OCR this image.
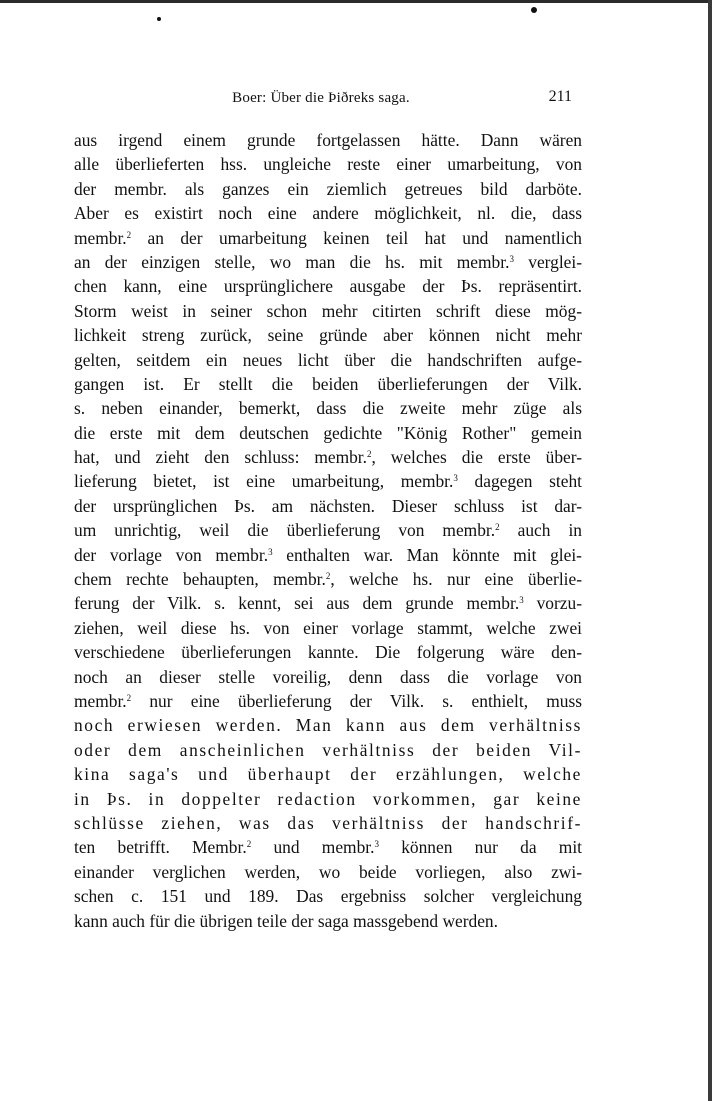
Boer: Über die Þiðreks saga.	211
aus irgend einem grunde fortgelassen hätte. Dann wären
alle überlieferten hss. ungleiche reste einer umarbeitung, von
der membr. als ganzes ein ziemlich getreues bild darböte.
Aber es existirt noch eine andere möglichkeit, nl. die, dass
membr.$^2$ an der umarbeitung keinen teil hat und namentlich
an der einzigen stelle, wo man die hs. mit membr.$^3$ verglei-
chen kann, eine ursprünglichere ausgabe der Þs. repräsentirt.
Storm weist in seiner schon mehr citirten schrift diese mög-
lichkeit streng zurück, seine gründe aber können nicht mehr
gelten, seitdem ein neues licht über die handschriften aufge-
gangen ist. Er stellt die beiden überlieferungen der Vilk.
s. neben einander, bemerkt, dass die zweite mehr züge als
die erste mit dem deutschen gedichte "König Rother" gemein
hat, und zieht den schluss: membr.$^2$, welches die erste über-
lieferung bietet, ist eine umarbeitung, membr.$^3$ dagegen steht
der ursprünglichen Þs. am nächsten. Dieser schluss ist dar-
um unrichtig, weil die überlieferung von membr.$^2$ auch in
der vorlage von membr.$^3$ enthalten war. Man könnte mit glei-
chem rechte behaupten, membr.$^2$, welche hs. nur eine überlie-
ferung der Vilk. s. kennt, sei aus dem grunde membr.$^3$ vorzu-
ziehen, weil diese hs. von einer vorlage stammt, welche zwei
verschiedene überlieferungen kannte. Die folgerung wäre den-
noch an dieser stelle voreilig, denn dass die vorlage von
membr.$^2$ nur eine überlieferung der Vilk. s. enthielt, muss
noch erwiesen werden. Man kann aus dem verhältniss
oder dem anscheinlichen verhältniss der beiden Vil-
kina saga's und überhaupt der erzählungen, welche
in Þs. in doppelter redaction vorkommen, gar keine
schlüsse ziehen, was das verhältniss der handschrif-
ten betrifft. Membr.$^2$ und membr.$^3$ können nur da mit
einander verglichen werden, wo beide vorliegen, also zwi-
schen c. 151 und 189. Das ergebniss solcher vergleichung
kann auch für die übrigen teile der saga massgebend werden.
